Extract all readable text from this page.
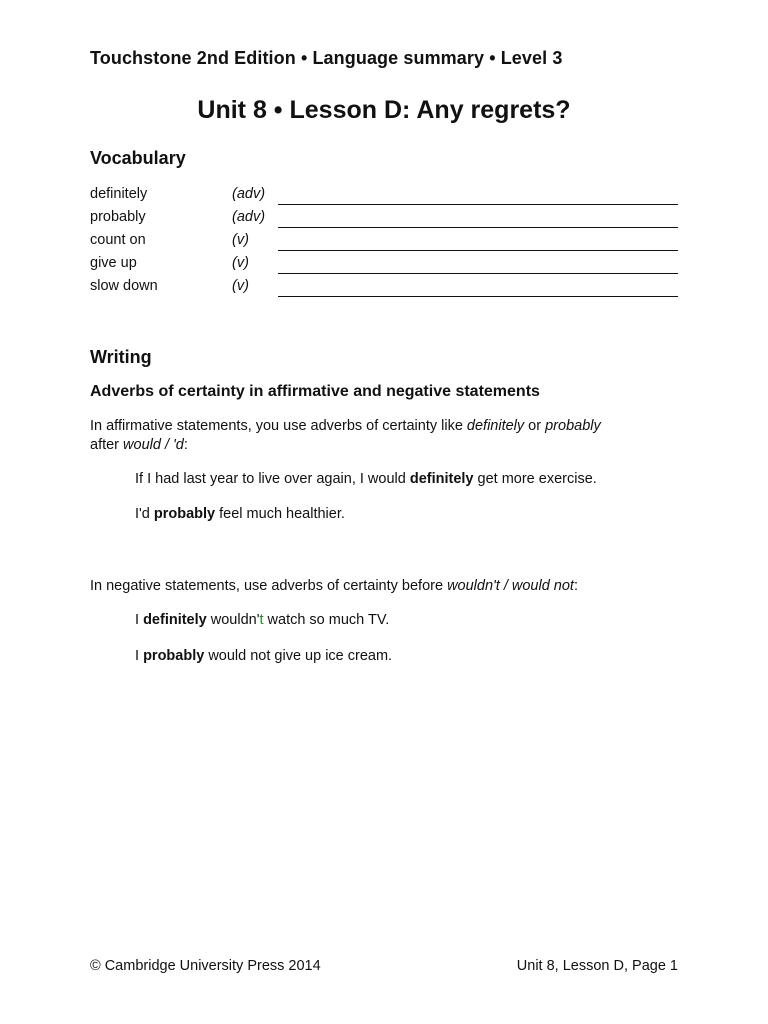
Touchstone 2nd Edition • Language summary • Level 3
Unit 8 • Lesson D: Any regrets?
Vocabulary
definitely	(adv)
probably	(adv)
count on	(v)
give up	(v)
slow down	(v)
Writing
Adverbs of certainty in affirmative and negative statements
In affirmative statements, you use adverbs of certainty like definitely or probably
after would / 'd:
If I had last year to live over again, I would definitely get more exercise.
I'd probably feel much healthier.
In negative statements, use adverbs of certainty before wouldn't / would not:
I definitely wouldn't watch so much TV.
I probably would not give up ice cream.
© Cambridge University Press 2014	Unit 8, Lesson D, Page 1
